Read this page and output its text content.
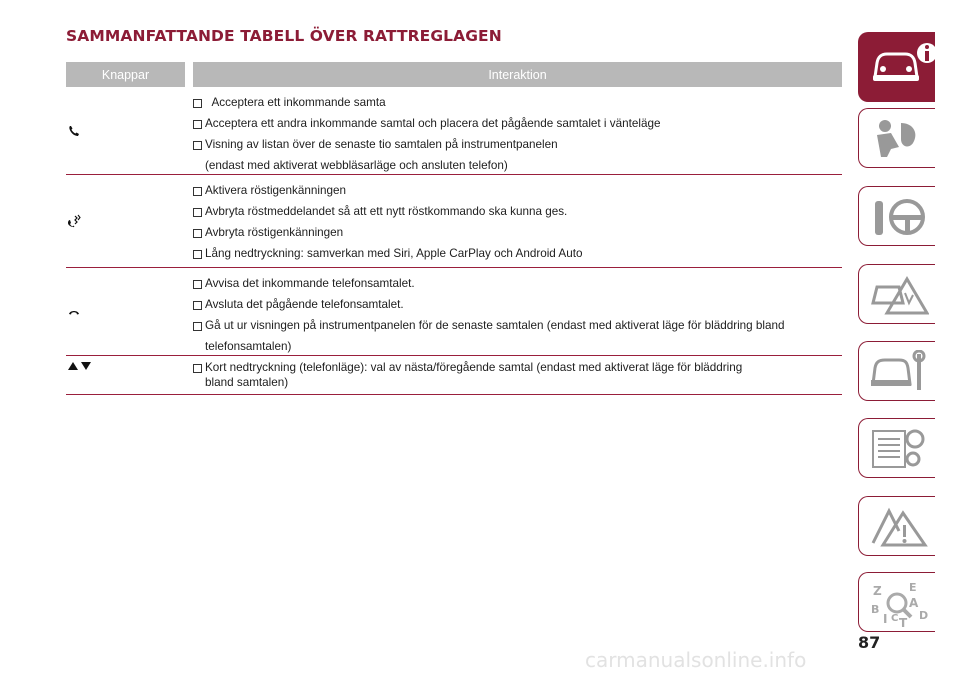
SAMMANFATTANDE TABELL ÖVER RATTREGLAGEN
Knappar	Interaktion
Acceptera ett inkommande samta
Acceptera ett andra inkommande samtal och placera det pågående samtalet i vänteläge
Visning av listan över de senaste tio samtalen på instrumentpanelen
(endast med aktiverat webbläsarläge och ansluten telefon)
Aktivera röstigenkänningen
Avbryta röstmeddelandet så att ett nytt röstkommando ska kunna ges.
Avbryta röstigenkänningen
Lång nedtryckning: samverkan med Siri, Apple CarPlay och Android Auto
Avvisa det inkommande telefonsamtalet.
Avsluta det pågående telefonsamtalet.
Gå ut ur visningen på instrumentpanelen för de senaste samtalen (endast med aktiverat läge för bläddring bland
telefonsamtalen)
Kort nedtryckning (telefonläge): val av nästa/föregående samtal (endast med aktiverat läge för bläddring
bland samtalen)
Z E
B A
D
I C T
87
carmanualsonline.info
